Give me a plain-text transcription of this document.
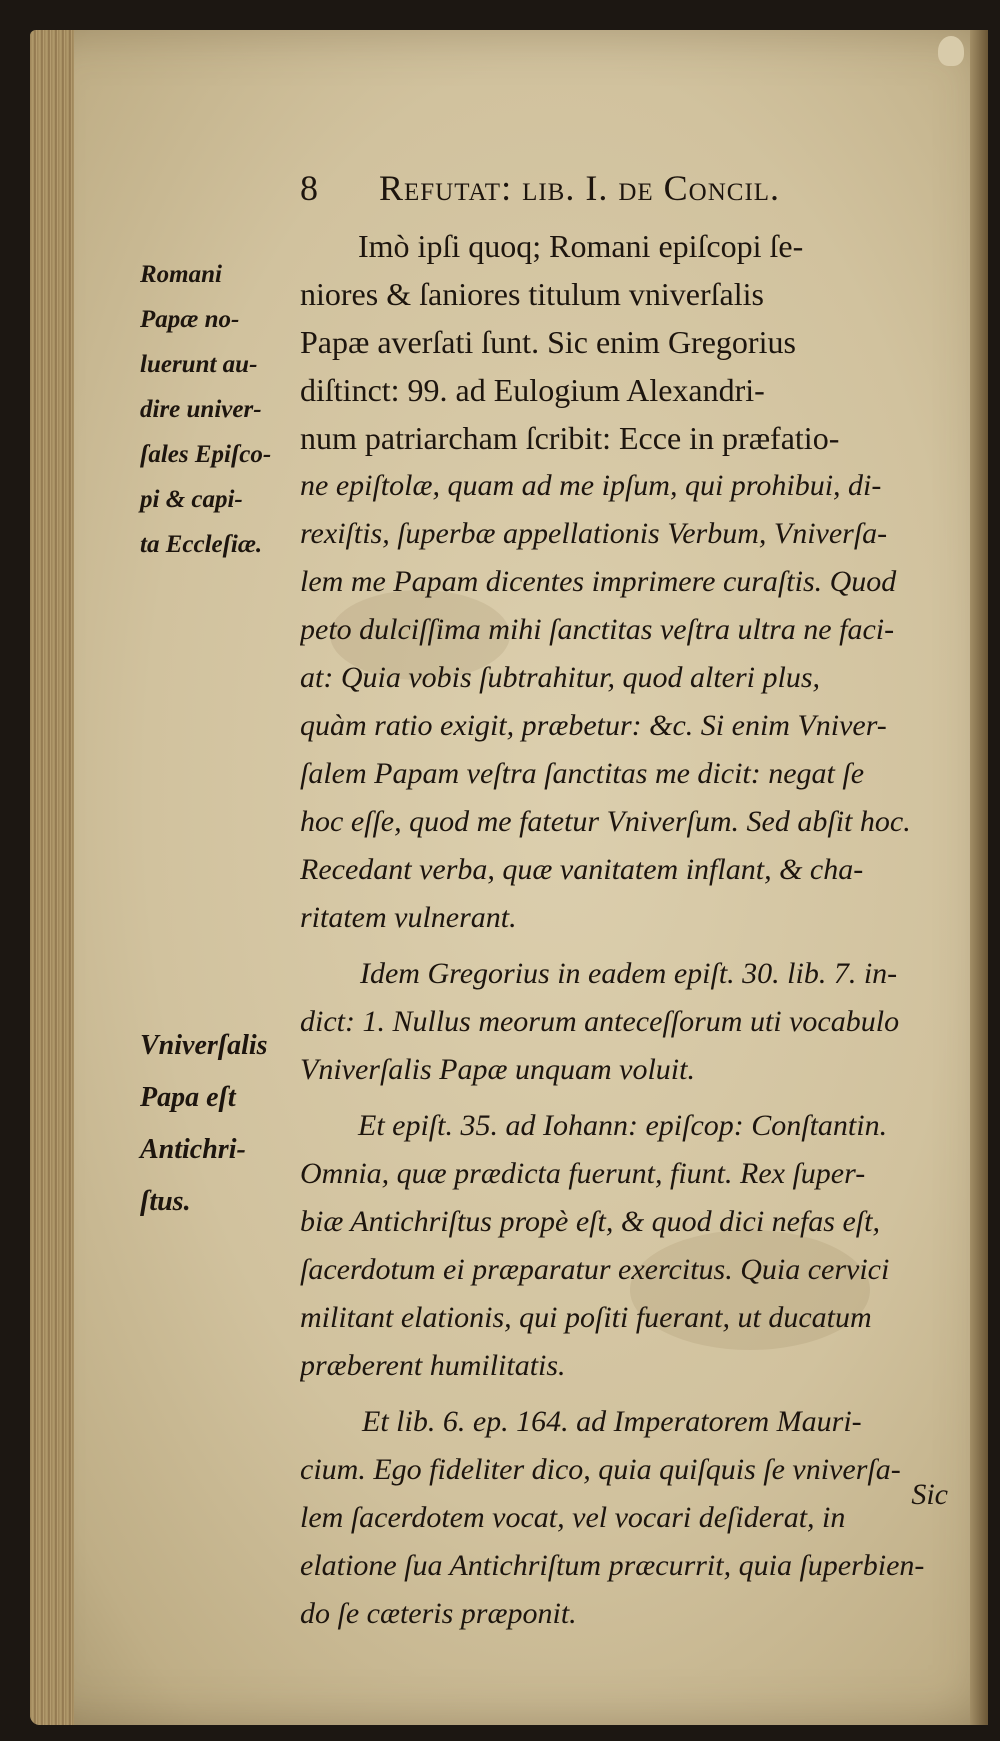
8 Refutat: lib. I. de Concil.
Imò ipſi quoq; Romani epiſcopi ſe-
niores & ſaniores titulum vniverſalis
Papæ averſati ſunt. Sic enim Gregorius
diſtinct: 99. ad Eulogium Alexandri-
num patriarcham ſcribit: Ecce in præfatio-
ne epiſtolæ, quam ad me ipſum, qui prohibui, di-
rexiſtis, ſuperbæ appellationis Verbum, Vniverſa-
lem me Papam dicentes imprimere curaſtis. Quod
peto dulciſſima mihi ſanctitas veſtra ultra ne faci-
at: Quia vobis ſubtrahitur, quod alteri plus,
quàm ratio exigit, præbetur: &c. Si enim Vniver-
ſalem Papam veſtra ſanctitas me dicit: negat ſe
hoc eſſe, quod me fatetur Vniverſum. Sed abſit hoc.
Recedant verba, quæ vanitatem inflant, & cha-
ritatem vulnerant.
Idem Gregorius in eadem epiſt. 30. lib. 7. in-
dict: 1. Nullus meorum anteceſſorum uti vocabulo
Vniverſalis Papæ unquam voluit.
Et epiſt. 35. ad Iohann: epiſcop: Conſtantin.
Omnia, quæ prædicta fuerunt, fiunt. Rex ſuper-
biæ Antichriſtus propè eſt, & quod dici nefas eſt,
ſacerdotum ei præparatur exercitus. Quia cervici
militant elationis, qui poſiti fuerant, ut ducatum
præberent humilitatis.
Et lib. 6. ep. 164. ad Imperatorem Mauri-
cium. Ego fideliter dico, quia quiſquis ſe vniverſa-
lem ſacerdotem vocat, vel vocari deſiderat, in
elatione ſua Antichriſtum præcurrit, quia ſuperbien-
do ſe cæteris præponit.
Romani
Papæ no-
luerunt au-
dire univer-
ſales Epiſco-
pi & capi-
ta Eccleſiæ.
Vniverſalis
Papa eſt
Antichri-
ſtus.
Sic
